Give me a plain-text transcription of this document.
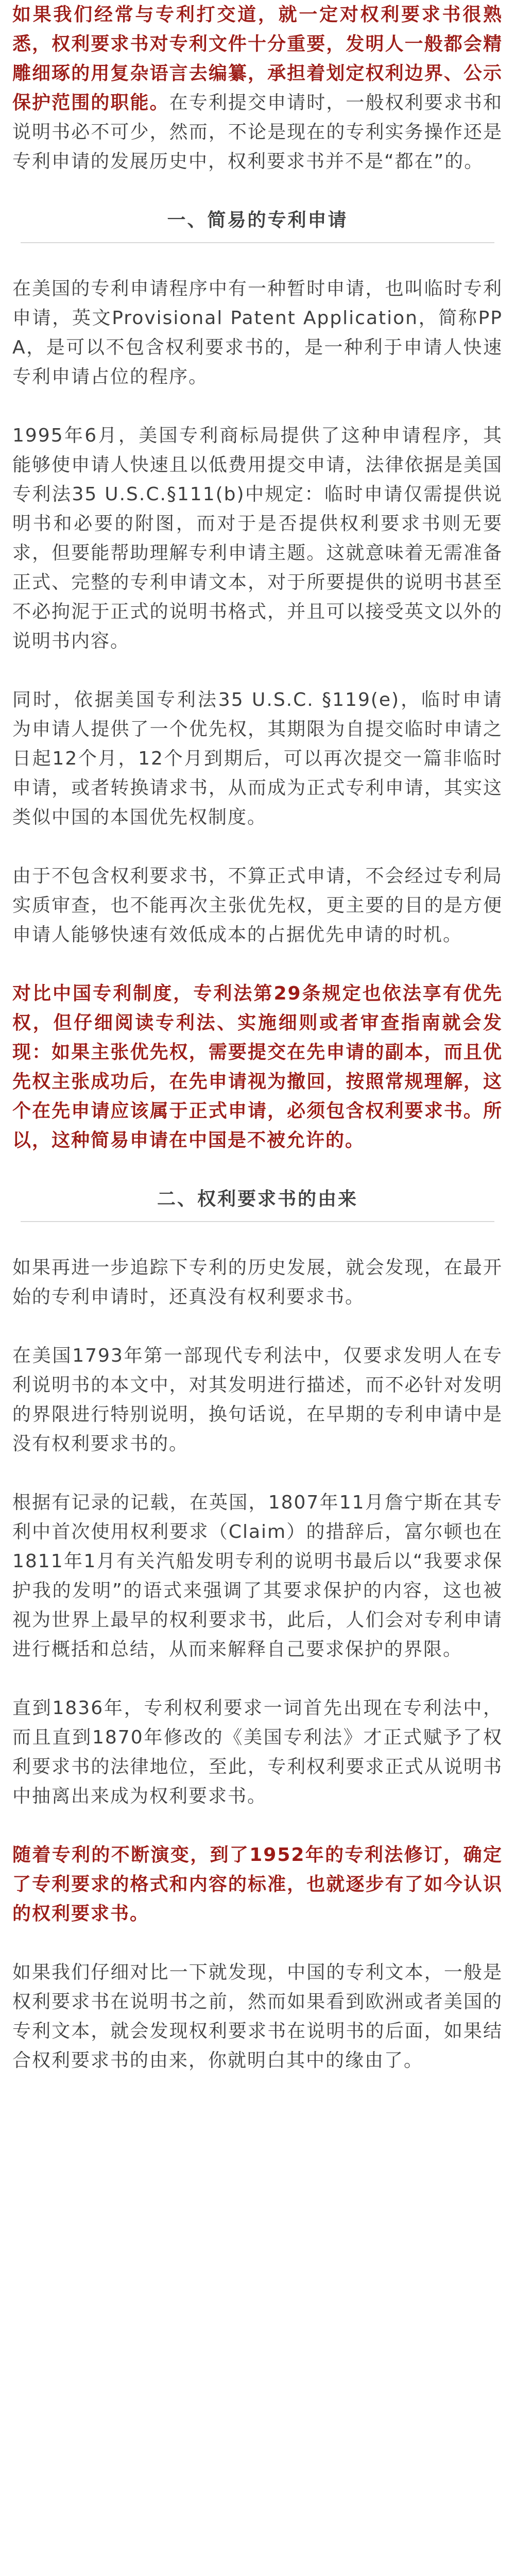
如果我们经常与专利打交道，就一定对权利要求书很熟悉，权利要求书对专利文件十分重要，发明人一般都会精雕细琢的用复杂语言去编纂，承担着划定权利边界、公示保护范围的职能。在专利提交申请时，一般权利要求书和说明书必不可少，然而，不论是现在的专利实务操作还是专利申请的发展历史中，权利要求书并不是“都在”的。

一、简易的专利申请

在美国的专利申请程序中有一种暂时申请，也叫临时专利申请，英文Provisional Patent Application，简称PPA，是可以不包含权利要求书的，是一种利于申请人快速专利申请占位的程序。

1995年6月，美国专利商标局提供了这种申请程序，其能够使申请人快速且以低费用提交申请，法律依据是美国专利法35 U.S.C.§111(b)中规定：临时申请仅需提供说明书和必要的附图，而对于是否提供权利要求书则无要求，但要能帮助理解专利申请主题。这就意味着无需准备正式、完整的专利申请文本，对于所要提供的说明书甚至不必拘泥于正式的说明书格式，并且可以接受英文以外的说明书内容。

同时，依据美国专利法35 U.S.C. §119(e)，临时申请为申请人提供了一个优先权，其期限为自提交临时申请之日起12个月，12个月到期后，可以再次提交一篇非临时申请，或者转换请求书，从而成为正式专利申请，其实这类似中国的本国优先权制度。

由于不包含权利要求书，不算正式申请，不会经过专利局实质审查，也不能再次主张优先权，更主要的目的是方便申请人能够快速有效低成本的占据优先申请的时机。

对比中国专利制度，专利法第29条规定也依法享有优先权，但仔细阅读专利法、实施细则或者审查指南就会发现：如果主张优先权，需要提交在先申请的副本，而且优先权主张成功后，在先申请视为撤回，按照常规理解，这个在先申请应该属于正式申请，必须包含权利要求书。所以，这种简易申请在中国是不被允许的。

二、权利要求书的由来

如果再进一步追踪下专利的历史发展，就会发现，在最开始的专利申请时，还真没有权利要求书。

在美国1793年第一部现代专利法中，仅要求发明人在专利说明书的本文中，对其发明进行描述，而不必针对发明的界限进行特别说明，换句话说，在早期的专利申请中是没有权利要求书的。

根据有记录的记载，在英国，1807年11月詹宁斯在其专利中首次使用权利要求（Claim）的措辞后，富尔顿也在1811年1月有关汽船发明专利的说明书最后以“我要求保护我的发明”的语式来强调了其要求保护的内容，这也被视为世界上最早的权利要求书，此后，人们会对专利申请进行概括和总结，从而来解释自己要求保护的界限。

直到1836年，专利权利要求一词首先出现在专利法中，而且直到1870年修改的《美国专利法》才正式赋予了权利要求书的法律地位，至此，专利权利要求正式从说明书中抽离出来成为权利要求书。

随着专利的不断演变，到了1952年的专利法修订，确定了专利要求的格式和内容的标准，也就逐步有了如今认识的权利要求书。

如果我们仔细对比一下就发现，中国的专利文本，一般是权利要求书在说明书之前，然而如果看到欧洲或者美国的专利文本，就会发现权利要求书在说明书的后面，如果结合权利要求书的由来，你就明白其中的缘由了。
